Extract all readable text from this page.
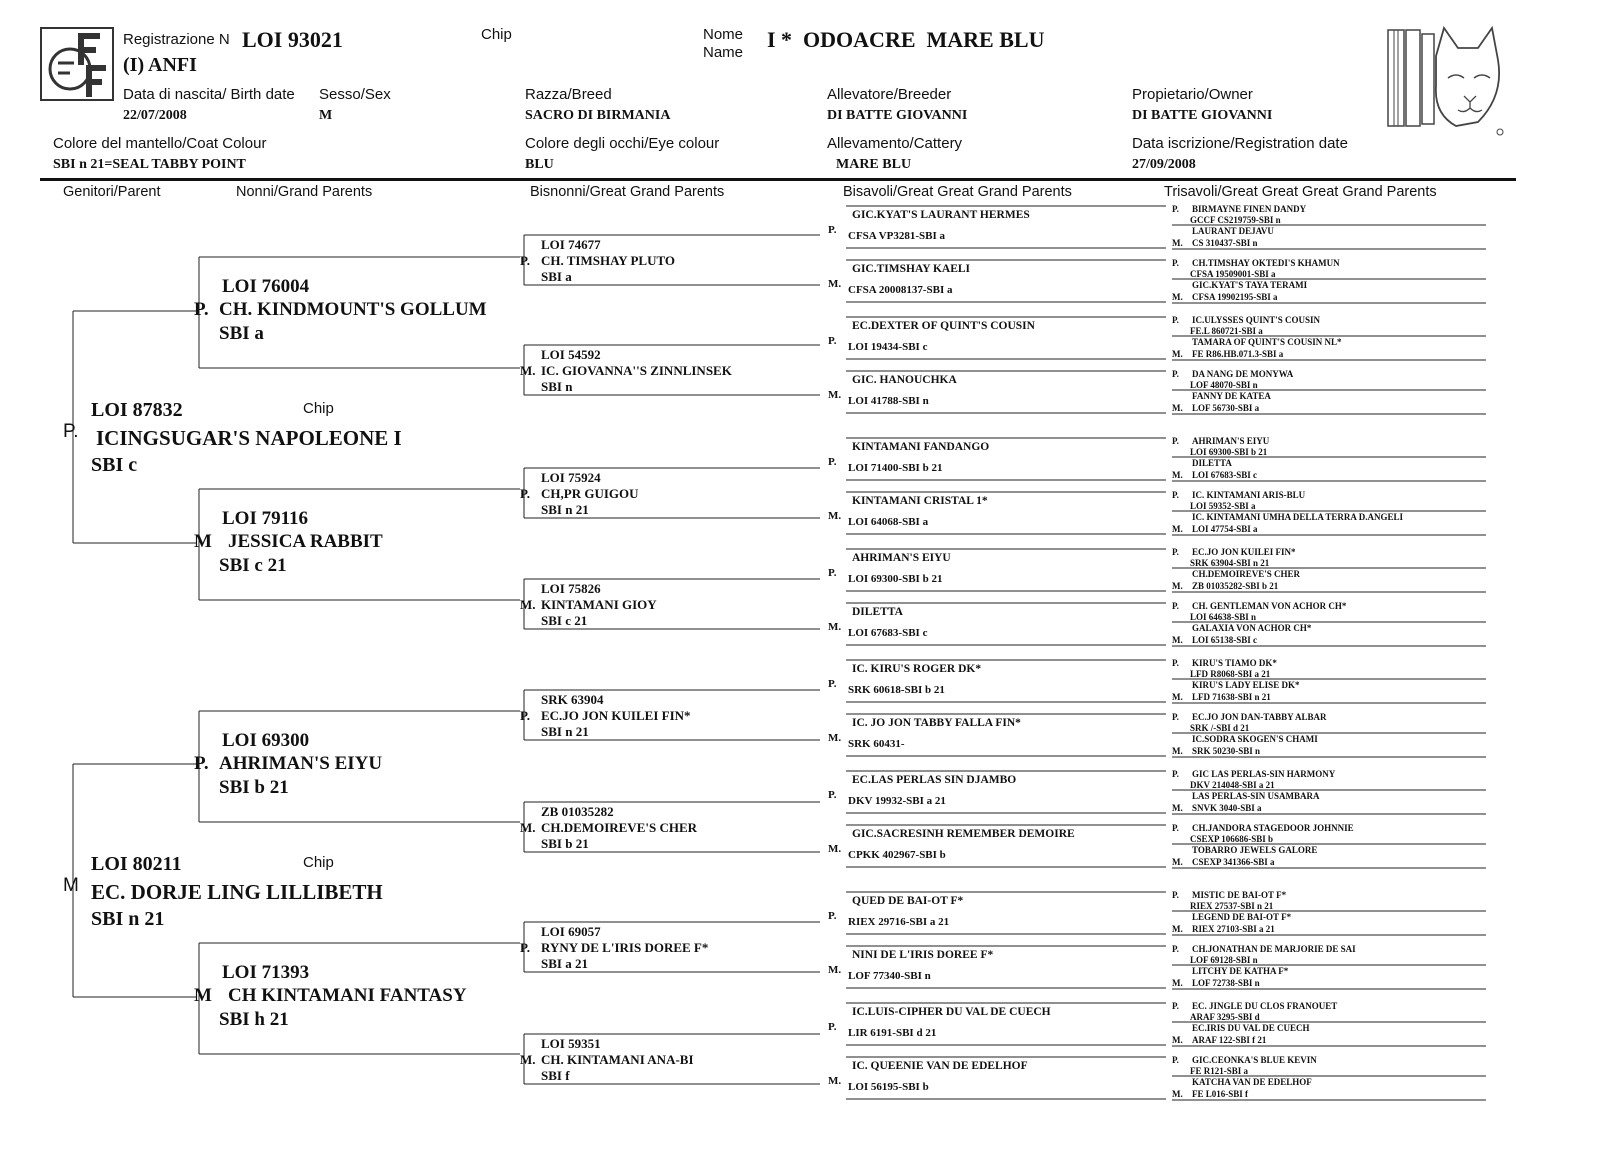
Registrazione N LOI 93021
(I) ANFI
Chip	Nome
Name
I *  ODOACRE  MARE BLU
Data di nascita/ Birth date
22/07/2008
Sesso/Sex
M
Razza/Breed
SACRO DI BIRMANIA
Allevatore/Breeder
DI BATTE GIOVANNI
Propietario/Owner
DI BATTE GIOVANNI
Colore del mantello/Coat Colour
SBI n 21=SEAL TABBY POINT
Colore degli occhi/Eye colour
BLU
Allevamento/Cattery
MARE BLU
Data iscrizione/Registration date
27/09/2008
Genitori/Parent	Nonni/Grand Parents	Bisnonni/Great Grand Parents	Bisavoli/Great Great Grand Parents	Trisavoli/Great Great Great Grand Parents
P.
LOI 87832	Chip
ICINGSUGAR'S NAPOLEONE I
SBI c
M
LOI 80211	Chip
EC. DORJE LING LILLIBETH
SBI n 21
LOI 76004
P. CH. KINDMOUNT'S GOLLUM
SBI a
LOI 79116
M JESSICA RABBIT
SBI c 21
LOI 69300
P. AHRIMAN'S EIYU
SBI b 21
LOI 71393
M CH KINTAMANI FANTASY
SBI h 21
LOI 74677
P. CH. TIMSHAY PLUTO
SBI a
LOI 54592
M. IC. GIOVANNA''S ZINNLINSEK
SBI n
LOI 75924
P. CH,PR GUIGOU
SBI n 21
LOI 75826
M. KINTAMANI GIOY
SBI c 21
SRK 63904
P. EC.JO JON KUILEI FIN*
SBI n 21
ZB 01035282
M. CH.DEMOIREVE'S CHER
SBI b 21
LOI 69057
P. RYNY DE L'IRIS DOREE F*
SBI a 21
LOI 59351
M. CH. KINTAMANI ANA-BI
SBI f
GIC.KYAT'S LAURANT HERMES
P. CFSA VP3281-SBI a
GIC.TIMSHAY KAELI
M. CFSA 20008137-SBI a
EC.DEXTER OF QUINT'S COUSIN
P. LOI 19434-SBI c
GIC. HANOUCHKA
M. LOI 41788-SBI n
KINTAMANI FANDANGO
P. LOI 71400-SBI b 21
KINTAMANI CRISTAL 1*
M. LOI 64068-SBI a
AHRIMAN'S EIYU
P. LOI 69300-SBI b 21
DILETTA
M. LOI 67683-SBI c
IC. KIRU'S ROGER DK*
P. SRK 60618-SBI b 21
IC. JO JON TABBY FALLA FIN*
M. SRK 60431-
EC.LAS PERLAS SIN DJAMBO
P. DKV 19932-SBI a 21
GIC.SACRESINH REMEMBER DEMOIRE
M. CPKK 402967-SBI b
QUED DE BAI-OT F*
P. RIEX 29716-SBI a 21
NINI DE L'IRIS DOREE F*
M. LOF 77340-SBI n
IC.LUIS-CIPHER DU VAL DE CUECH
P. LIR 6191-SBI d 21
IC. QUEENIE VAN DE EDELHOF
M. LOI 56195-SBI b
P. BIRMAYNE FINEN DANDY
GCCF CS219759-SBI n
LAURANT DEJAVU
M. CS 310437-SBI n
P. CH.TIMSHAY OKTEDI'S KHAMUN
CFSA 19509001-SBI a
GIC.KYAT'S TAYA TERAMI
M. CFSA 19902195-SBI a
P. IC.ULYSSES QUINT'S COUSIN
FE.L 860721-SBI a
TAMARA OF QUINT'S COUSIN NL*
M. FE R86.HB.071.3-SBI a
P. DA NANG DE MONYWA
LOF 48070-SBI n
FANNY DE KATEA
M. LOF 56730-SBI a
P. AHRIMAN'S EIYU
LOI 69300-SBI b 21
DILETTA
M. LOI 67683-SBI c
P. IC. KINTAMANI ARIS-BLU
LOI 59352-SBI a
IC. KINTAMANI UMHA DELLA TERRA D.ANGELI
M. LOI 47754-SBI a
P. EC.JO JON KUILEI FIN*
SRK 63904-SBI n 21
CH.DEMOIREVE'S CHER
M. ZB 01035282-SBI b 21
P. CH. GENTLEMAN VON ACHOR CH*
LOI 64638-SBI n
GALAXIA VON ACHOR CH*
M. LOI 65138-SBI c
P. KIRU'S TIAMO DK*
LFD R8068-SBI a 21
KIRU'S LADY ELISE DK*
M. LFD 71638-SBI n 21
P. EC.JO JON DAN-TABBY ALBAR
SRK /-SBI d 21
IC.SODRA SKOGEN'S CHAMI
M. SRK 50230-SBI n
P. GIC LAS PERLAS-SIN HARMONY
DKV 214048-SBI a 21
LAS PERLAS-SIN USAMBARA
M. SNVK 3040-SBI a
P. CH.JANDORA STAGEDOOR JOHNNIE
CSEXP 106686-SBI b
TOBARRO JEWELS GALORE
M. CSEXP 341366-SBI a
P. MISTIC DE BAI-OT F*
RIEX 27537-SBI n 21
LEGEND DE BAI-OT F*
M. RIEX 27103-SBI a 21
P. CH.JONATHAN DE MARJORIE DE SAI
LOF 69128-SBI n
LITCHY DE KATHA F*
M. LOF 72738-SBI n
P. EC. JINGLE DU CLOS FRANOUET
ARAF 3295-SBI d
EC.IRIS DU VAL DE CUECH
M. ARAF 122-SBI f 21
P. GIC.CEONKA'S BLUE KEVIN
FE R121-SBI a
KATCHA VAN DE EDELHOF
M. FE L016-SBI f
